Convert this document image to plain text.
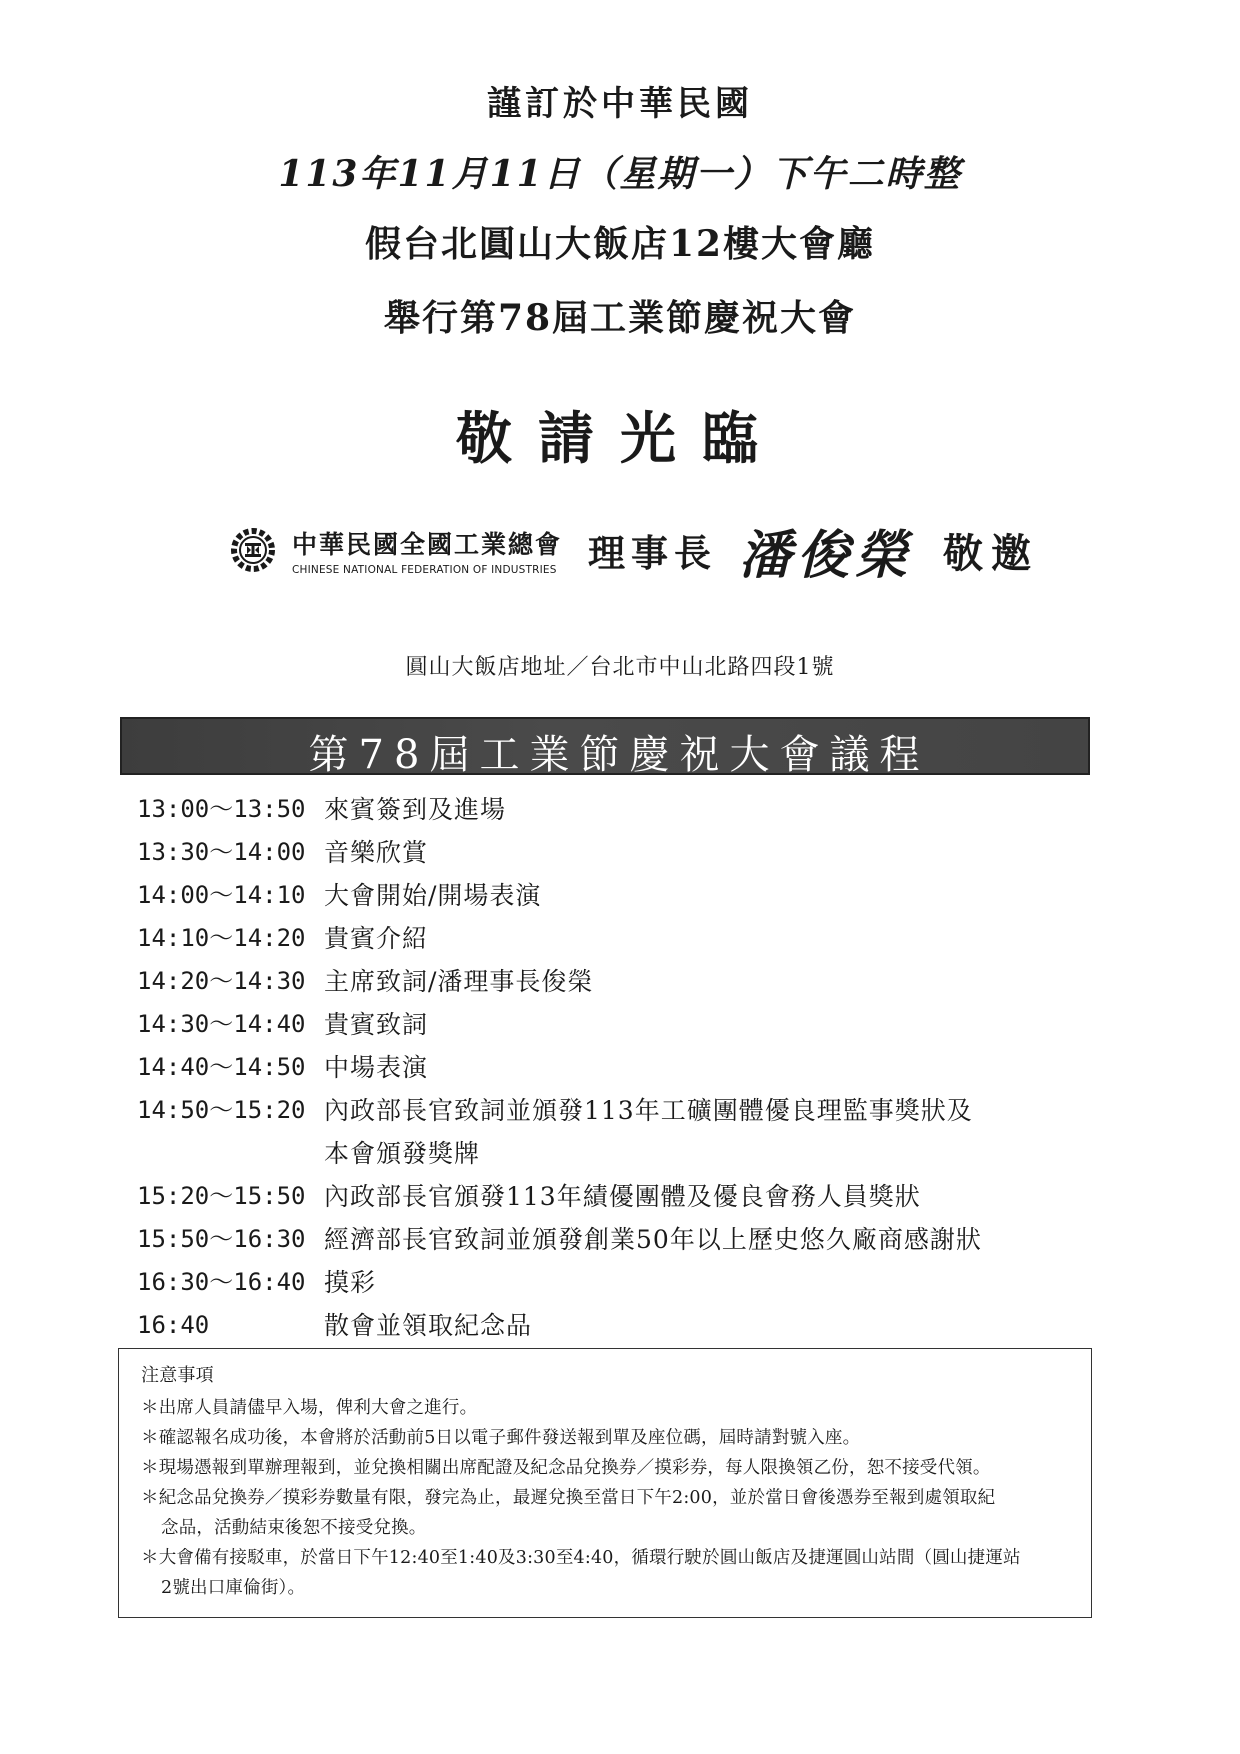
謹訂於中華民國
113年11月11日（星期一）下午二時整
假台北圓山大飯店12樓大會廳
舉行第78屆工業節慶祝大會
敬請光臨
中華民國全國工業總會
CHINESE NATIONAL FEDERATION OF INDUSTRIES 理事長 潘俊榮 敬邀
圓山大飯店地址／台北市中山北路四段1號
第78屆工業節慶祝大會議程
13:00～13:50 來賓簽到及進場
13:30～14:00 音樂欣賞
14:00～14:10 大會開始/開場表演
14:10～14:20 貴賓介紹
14:20～14:30 主席致詞/潘理事長俊榮
14:30～14:40 貴賓致詞
14:40～14:50 中場表演
14:50～15:20 內政部長官致詞並頒發113年工礦團體優良理監事獎狀及
本會頒發獎牌
15:20～15:50 內政部長官頒發113年績優團體及優良會務人員獎狀
15:50～16:30 經濟部長官致詞並頒發創業50年以上歷史悠久廠商感謝狀
16:30～16:40 摸彩
16:40	散會並領取紀念品
注意事項
＊出席人員請儘早入場，俾利大會之進行。
＊確認報名成功後，本會將於活動前5日以電子郵件發送報到單及座位碼，屆時請對號入座。
＊現場憑報到單辦理報到，並兌換相關出席配證及紀念品兌換券／摸彩券，每人限換領乙份，恕不接受代領。
＊紀念品兌換券／摸彩券數量有限，發完為止，最遲兌換至當日下午2:00，並於當日會後憑券至報到處領取紀
念品，活動結束後恕不接受兌換。
＊大會備有接駁車，於當日下午12:40至1:40及3:30至4:40，循環行駛於圓山飯店及捷運圓山站間（圓山捷運站
2號出口庫倫街）。
